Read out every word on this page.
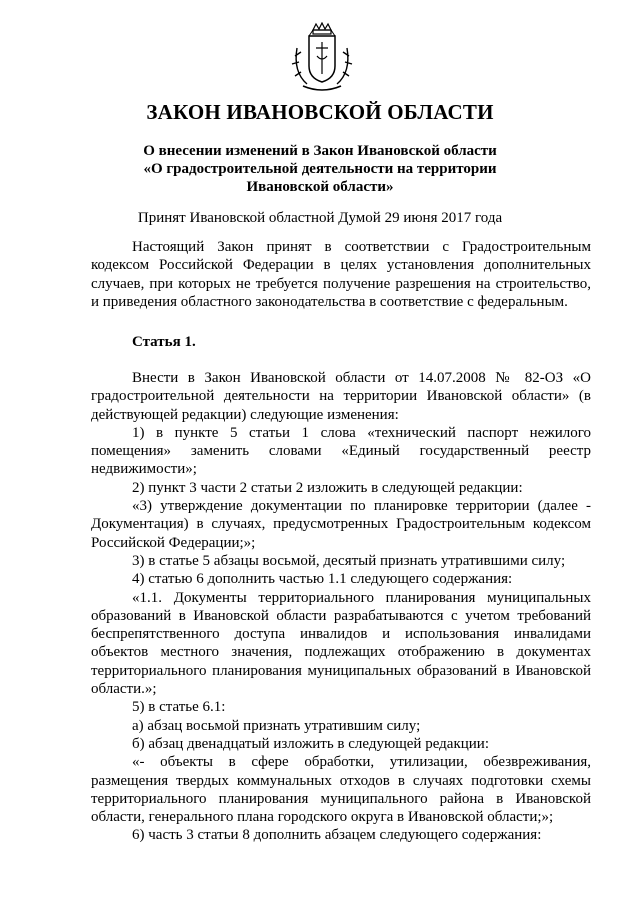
ЗАКОН ИВАНОВСКОЙ ОБЛАСТИ
О внесении изменений в Закон Ивановской области
«О градостроительной деятельности на территории
Ивановской области»
Принят Ивановской областной Думой 29 июня 2017 года

Настоящий Закон принят в соответствии с Градостроительным кодексом Российской Федерации в целях установления дополнительных случаев, при которых не требуется получение разрешения на строительство, и приведения областного законодательства в соответствие с федеральным.

Статья 1.

Внести в Закон Ивановской области от 14.07.2008 № 82-ОЗ «О градостроительной деятельности на территории Ивановской области» (в действующей редакции) следующие изменения:

1) в пункте 5 статьи 1 слова «технический паспорт нежилого помещения» заменить словами «Единый государственный реестр недвижимости»;

2) пункт 3 части 2 статьи 2 изложить в следующей редакции:

«3) утверждение документации по планировке территории (далее - Документация) в случаях, предусмотренных Градостроительным кодексом Российской Федерации;»;

3) в статье 5 абзацы восьмой, десятый признать утратившими силу;

4) статью 6 дополнить частью 1.1 следующего содержания:

«1.1. Документы территориального планирования муниципальных образований в Ивановской области разрабатываются с учетом требований беспрепятственного доступа инвалидов и использования инвалидами объектов местного значения, подлежащих отображению в документах территориального планирования муниципальных образований в Ивановской области.»;

5) в статье 6.1:

а) абзац восьмой признать утратившим силу;

б) абзац двенадцатый изложить в следующей редакции:

«- объекты в сфере обработки, утилизации, обезвреживания, размещения твердых коммунальных отходов в случаях подготовки схемы территориального планирования муниципального района в Ивановской области, генерального плана городского округа в Ивановской области;»;

6) часть 3 статьи 8 дополнить абзацем следующего содержания:
